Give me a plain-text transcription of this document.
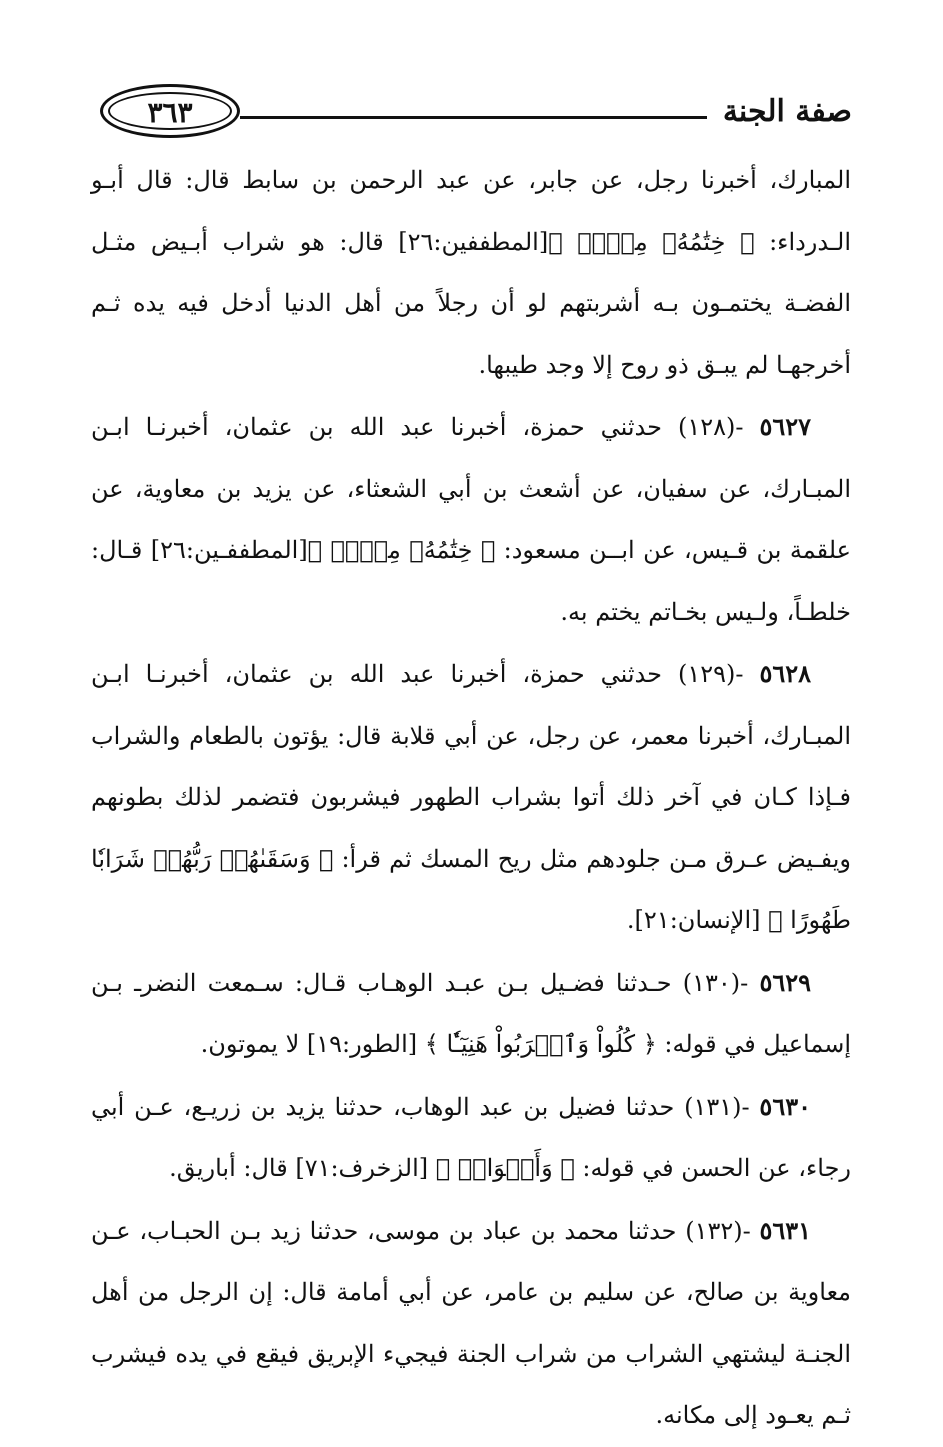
صفة الجنة
٣٦٣

المبارك، أخبرنا رجل، عن جابر، عن عبد الرحمن بن سابط قال: قال أبـو الـدرداء: ﴿ خِتَٰمُهُۥ مِسۡكٞ ﴾[المطففين:٢٦] قال: هو شراب أبـيض مثـل الفضـة يختمـون بـه أشربتهم لو أن رجلاً من أهل الدنيا أدخل فيه يده ثـم أخرجهـا لم يبـق ذو روح إلا وجد طيبها.

٥٦٢٧ -(١٢٨) حدثني حمزة، أخبرنا عبد الله بن عثمان، أخبرنـا ابـن المبـارك، عن سفيان، عن أشعث بن أبي الشعثاء، عن يزيد بن معاوية، عن علقمة بن قـيس، عن ابــن مسعود: ﴿ خِتَٰمُهُۥ مِسۡكٞ ﴾[المطففـين:٢٦] قـال: خلطـاً، ولـيس بخـاتم يختم به.

٥٦٢٨ -(١٢٩) حدثني حمزة، أخبرنا عبد الله بن عثمان، أخبرنـا ابـن المبـارك، أخبرنا معمر، عن رجل، عن أبي قلابة قال: يؤتون بالطعام والشراب فـإذا كـان في آخر ذلك أتوا بشراب الطهور فيشربون فتضمر لذلك بطونهم ويفـيض عـرق مـن جلودهم مثل ريح المسك ثم قرأ: ﴿ وَسَقَىٰهُمۡ رَبُّهُمۡ شَرَابٗا طَهُورًا ﴾ [الإنسان:٢١].

٥٦٢٩ -(١٣٠) حـدثنا فضـيل بـن عبـد الوهـاب قـال: سـمعت النضرـ بـن إسماعيل في قوله: ﴿ كُلُواْ وَٱشۡرَبُواْ هَنِيٓـٔٗا ﴾ [الطور:١٩] لا يموتون.

٥٦٣٠ -(١٣١) حدثنا فضيل بن عبد الوهاب، حدثنا يزيد بن زريـع، عـن أبي رجاء، عن الحسن في قوله: ﴿ وَأَكۡوَابٖ ﴾ [الزخرف:٧١] قال: أباريق.

٥٦٣١ -(١٣٢) حدثنا محمد بن عباد بن موسى، حدثنا زيد بـن الحبـاب، عـن معاوية بن صالح، عن سليم بن عامر، عن أبي أمامة قال: إن الرجل من أهل الجنـة ليشتهي الشراب من شراب الجنة فيجيء الإبريق فيقع في يده فيشرب ثـم يعـود إلى مكانه.
